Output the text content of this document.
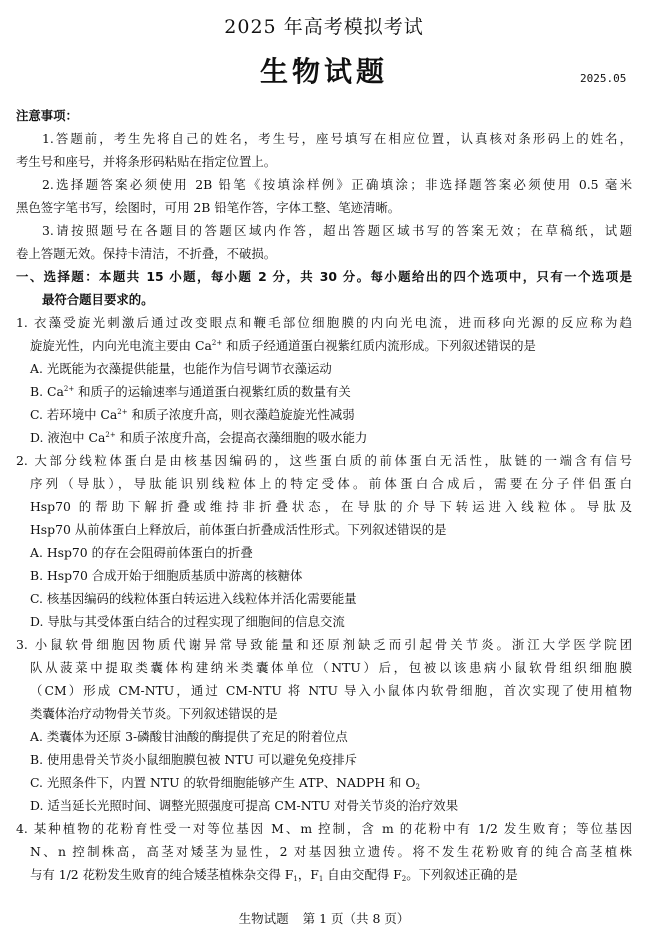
2025 年高考模拟考试
生物试题	2025.05
注意事项：
1.答题前，考生先将自己的姓名，考生号，座号填写在相应位置，认真核对条形码上的姓名，
考生号和座号，并将条形码粘贴在指定位置上。
2.选择题答案必须使用 2B 铅笔《按填涂样例》正确填涂；非选择题答案必须使用 0.5 毫米
黑色签字笔书写，绘图时，可用 2B 铅笔作答，字体工整、笔迹清晰。
3.请按照题号在各题目的答题区域内作答，超出答题区域书写的答案无效；在草稿纸，试题
卷上答题无效。保持卡清洁，不折叠，不破损。
一、选择题：本题共 15 小题，每小题 2 分，共 30 分。每小题给出的四个选项中，只有一个选项是
最符合题目要求的。
1. 衣藻受旋光刺激后通过改变眼点和鞭毛部位细胞膜的内向光电流，进而移向光源的反应称为趋
旋旋光性，内向光电流主要由 $Ca^{2+}$ 和质子经通道蛋白视紫红质内流形成。下列叙述错误的是
A. 光既能为衣藻提供能量，也能作为信号调节衣藻运动
B. $Ca^{2+}$ 和质子的运输速率与通道蛋白视紫红质的数量有关
C. 若环境中 $Ca^{2+}$ 和质子浓度升高，则衣藻趋旋旋光性减弱
D. 液泡中 $Ca^{2+}$ 和质子浓度升高，会提高衣藻细胞的吸水能力
2. 大部分线粒体蛋白是由核基因编码的，这些蛋白质的前体蛋白无活性，肽链的一端含有信号
序列（导肽），导肽能识别线粒体上的特定受体。前体蛋白合成后，需要在分子伴侣蛋白
Hsp70 的帮助下解折叠或维持非折叠状态，在导肽的介导下转运进入线粒体。导肽及
Hsp70 从前体蛋白上释放后，前体蛋白折叠成活性形式。下列叙述错误的是
A. Hsp70 的存在会阻碍前体蛋白的折叠
B. Hsp70 合成开始于细胞质基质中游离的核糖体
C. 核基因编码的线粒体蛋白转运进入线粒体并活化需要能量
D. 导肽与其受体蛋白结合的过程实现了细胞间的信息交流
3. 小鼠软骨细胞因物质代谢异常导致能量和还原剂缺乏而引起骨关节炎。浙江大学医学院团
队从菠菜中提取类囊体构建纳米类囊体单位（NTU）后，包被以该患病小鼠软骨组织细胞膜
（CM）形成 CM-NTU，通过 CM-NTU 将 NTU 导入小鼠体内软骨细胞，首次实现了使用植物
类囊体治疗动物骨关节炎。下列叙述错误的是
A. 类囊体为还原 3-磷酸甘油酸的酶提供了充足的附着位点
B. 使用患骨关节炎小鼠细胞膜包被 NTU 可以避免免疫排斥
C. 光照条件下，内置 NTU 的软骨细胞能够产生 ATP、NADPH 和 $O_2$
D. 适当延长光照时间、调整光照强度可提高 CM-NTU 对骨关节炎的治疗效果
4. 某种植物的花粉育性受一对等位基因 M、m 控制，含 m 的花粉中有 1/2 发生败育；等位基因
N、n 控制株高，高茎对矮茎为显性，2 对基因独立遗传。将不发生花粉败育的纯合高茎植株
与有 1/2 花粉发生败育的纯合矮茎植株杂交得 $F_1$，$F_1$ 自由交配得 $F_2$。下列叙述正确的是
生物试题 第 1 页（共 8 页）
